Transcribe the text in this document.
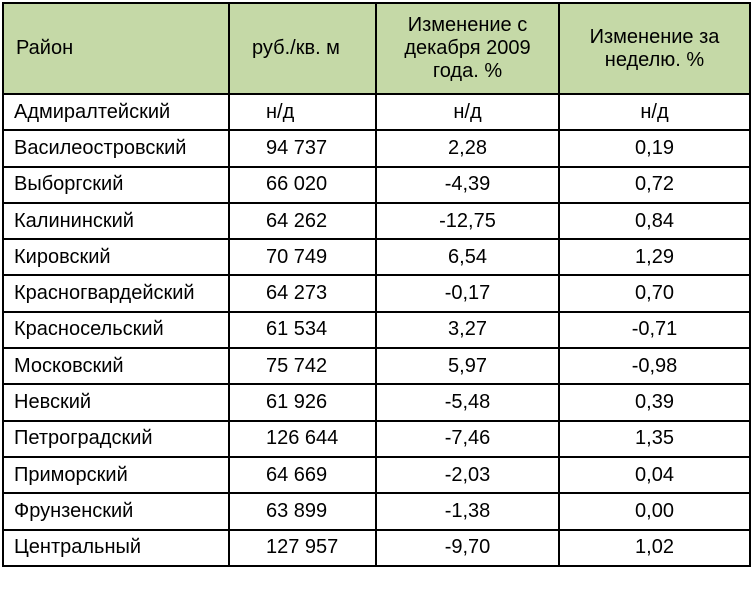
Район	руб./кв. м	Изменение с
декабря 2009
года. %	Изменение за
неделю. %

Адмиралтейский	н/д	н/д	н/д
Василеостровский	94 737	2,28	0,19
Выборгский	66 020	-4,39	0,72
Калининский	64 262	-12,75	0,84
Кировский	70 749	6,54	1,29
Красногвардейский	64 273	-0,17	0,70
Красносельский	61 534	3,27	-0,71
Московский	75 742	5,97	-0,98
Невский	61 926	-5,48	0,39
Петроградский	126 644	-7,46	1,35
Приморский	64 669	-2,03	0,04
Фрунзенский	63 899	-1,38	0,00
Центральный	127 957	-9,70	1,02
